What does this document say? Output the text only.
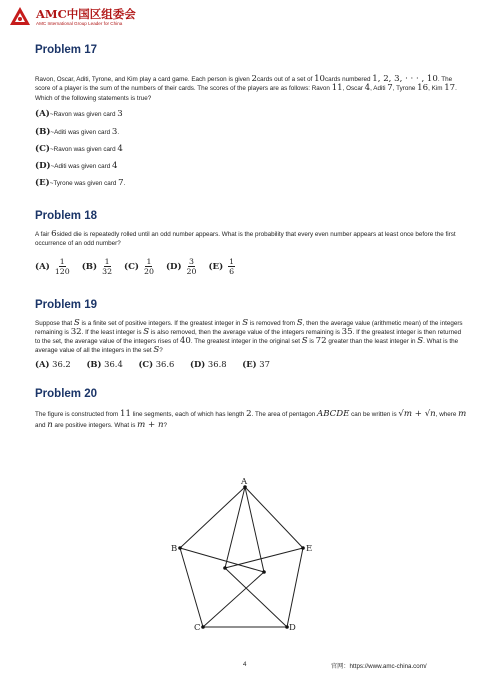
AMC中国区组委会
AMC International Group Leader for China
Problem 17

Ravon, Oscar, Aditi, Tyrone, and Kim play a card game. Each person is given 2cards out of a set of 10cards numbered 1, 2, 3, · · · , 10. The score of a player is the sum of the numbers of their cards. The scores of the players are as follows: Ravon 11, Oscar 4, Aditi 7, Tyrone 16, Kim 17. Which of the following statements is true?

(A)~Ravon was given card 3
(B)~Aditi was given card 3.
(C)~Ravon was given card 4
(D)~Aditi was given card 4
(E)~Tyrone was given card 7.
Problem 18

A fair 6sided die is repeatedly rolled until an odd number appears. What is the probability that every even number appears at least once before the first occurrence of an odd number?

$(A) \frac{1}{120} (B) \frac{1}{32} (C) \frac{1}{20} (D) \frac{3}{20} (E) \frac{1}{6}$
Problem 19

Suppose that S is a finite set of positive integers. If the greatest integer in S is removed from S, then the average value (arithmetic mean) of the integers remaining is 32. If the least integer is S is also removed, then the average value of the integers remaining is 35. If the greatest integer is then returned to the set, the average value of the integers rises of 40. The greatest integer in the original set S is 72 greater than the least integer in S. What is the average value of all the integers in the set S?

(A) 36.2 (B) 36.4 (C) 36.6 (D) 36.8 (E) 37
Problem 20

The figure is constructed from 11 line segments, each of which has length 2. The area of pentagon ABCDE can be written is √m + √n, where m and n are positive integers. What is m + n?

A
B	E
C	D
4	官网：https://www.amc-china.com/
